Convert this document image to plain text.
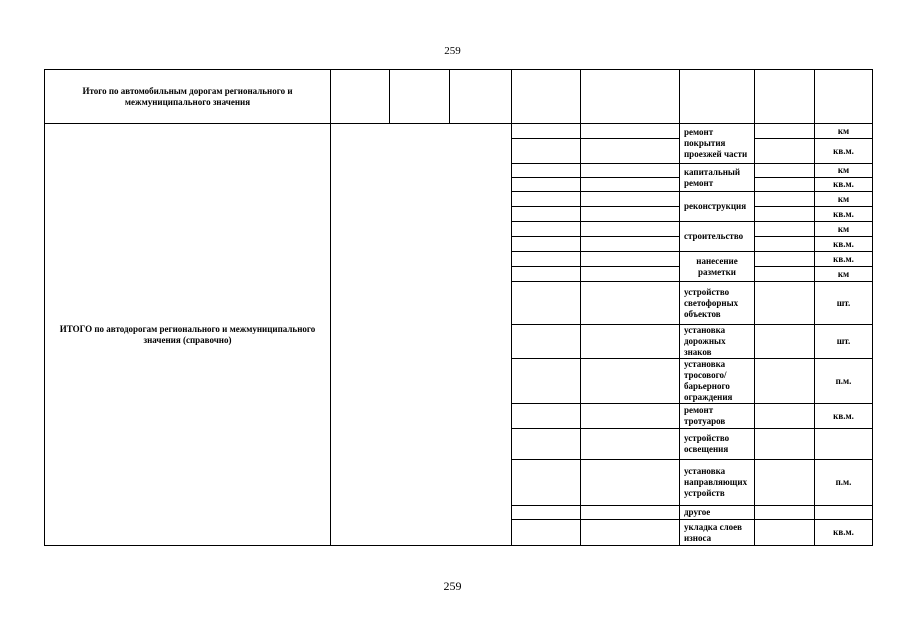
259
Итого по автомобильным дорогам регионального и межмуниципального значения									
ИТОГО по автодорогам регионального и межмуниципального значения (справочно)						ремонт покрытия проезжей части		км	
								кв.м.	
						капитальный ремонт		км	
								кв.м.	
						реконструкция		км	
								кв.м.	
						строительство		км	
								кв.м.	
						нанесение разметки		кв.м.	
								км	
						устройство светофорных объектов		шт.	
						установка дорожных знаков		шт.	
						установка тросового/барьерного ограждения		п.м.	
						ремонт тротуаров		кв.м.	
						устройство освещения			
						установка направляющих устройств		п.м.	
						другое			
						укладка слоев износа		кв.м.	
259
